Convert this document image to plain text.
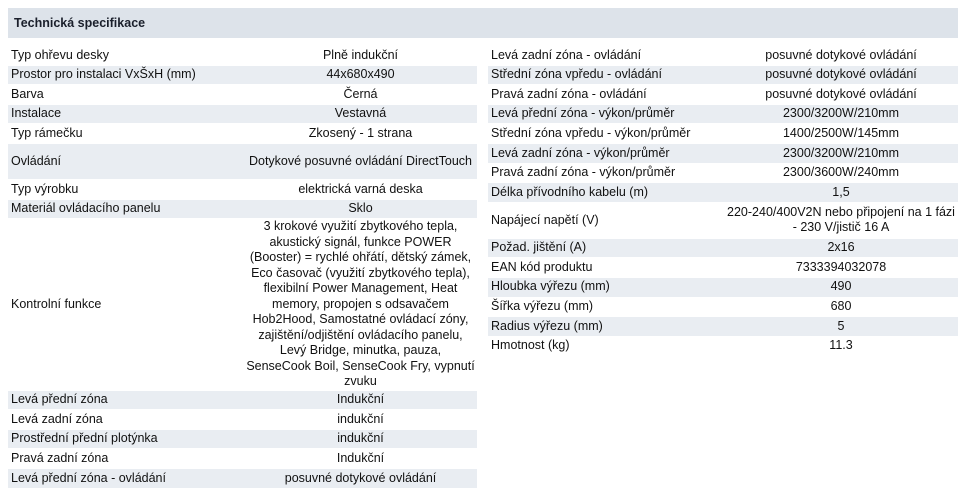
Technická specifikace
Typ ohřevu desky	Plně indukční
Prostor pro instalaci VxŠxH (mm)	44x680x490
Barva	Černá
Instalace	Vestavná
Typ rámečku	Zkosený - 1 strana
Ovládání	Dotykové posuvné ovládání DirectTouch
Typ výrobku	elektrická varná deska
Materiál ovládacího panelu	Sklo
Kontrolní funkce	3 krokové využití zbytkového tepla, akustický signál, funkce POWER (Booster) = rychlé ohřátí, dětský zámek, Eco časovač (využití zbytkového tepla), flexibilní Power Management, Heat memory, propojen s odsavačem Hob2Hood, Samostatné ovládací zóny, zajištění/odjištění ovládacího panelu, Levý Bridge, minutka, pauza, SenseCook Boil, SenseCook Fry, vypnutí zvuku
Levá přední zóna	Indukční
Levá zadní zóna	indukční
Prostřední přední plotýnka	indukční
Pravá zadní zóna	Indukční
Levá přední zóna - ovládání	posuvné dotykové ovládání
Levá zadní zóna - ovládání	posuvné dotykové ovládání
Střední zóna vpředu - ovládání	posuvné dotykové ovládání
Pravá zadní zóna - ovládání	posuvné dotykové ovládání
Levá přední zóna - výkon/průměr	2300/3200W/210mm
Střední zóna vpředu - výkon/průměr	1400/2500W/145mm
Levá zadní zóna - výkon/průměr	2300/3200W/210mm
Pravá zadní zóna - výkon/průměr	2300/3600W/240mm
Délka přívodního kabelu (m)	1,5
Napájecí napětí (V)	220-240/400V2N nebo připojení na 1 fázi - 230 V/jistič 16 A
Požad. jištění (A)	2x16
EAN kód produktu	7333394032078
Hloubka výřezu (mm)	490
Šířka výřezu (mm)	680
Radius výřezu (mm)	5
Hmotnost (kg)	11.3
